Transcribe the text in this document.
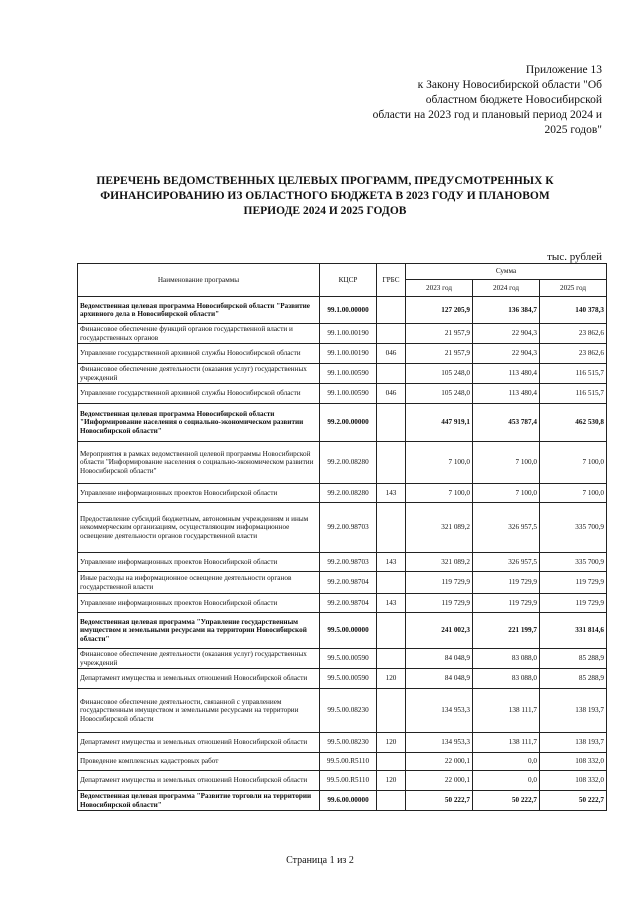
Приложение 13
к Закону Новосибирской области "Об
областном бюджете Новосибирской
области на 2023 год и плановый период 2024 и
2025 годов"
ПЕРЕЧЕНЬ ВЕДОМСТВЕННЫХ ЦЕЛЕВЫХ ПРОГРАММ, ПРЕДУСМОТРЕННЫХ К
ФИНАНСИРОВАНИЮ ИЗ ОБЛАСТНОГО БЮДЖЕТА В 2023 ГОДУ И ПЛАНОВОМ
ПЕРИОДЕ 2024 И 2025 ГОДОВ
тыс. рублей
Наименование программы	КЦСР	ГРБС	Сумма		
			2023 год	2024 год	2025 год
Ведомственная целевая программа Новосибирской области "Развитие архивного дела в Новосибирской области"	99.1.00.00000		127 205,9	136 384,7	140 378,3
Финансовое обеспечение функций органов государственной власти и государственных органов	99.1.00.00190		21 957,9	22 904,3	23 862,6
Управление государственной архивной службы Новосибирской области	99.1.00.00190	046	21 957,9	22 904,3	23 862,6
Финансовое обеспечение деятельности (оказания услуг) государственных учреждений	99.1.00.00590		105 248,0	113 480,4	116 515,7
Управление государственной архивной службы Новосибирской области	99.1.00.00590	046	105 248,0	113 480,4	116 515,7
Ведомственная целевая программа Новосибирской области "Информирование населения о социально-экономическом развитии Новосибирской области"	99.2.00.00000		447 919,1	453 787,4	462 530,8
Мероприятия в рамках ведомственной целевой программы Новосибирской области "Информирование населения о социально-экономическом развитии Новосибирской области"	99.2.00.08280		7 100,0	7 100,0	7 100,0
Управление информационных проектов Новосибирской области	99.2.00.08280	143	7 100,0	7 100,0	7 100,0
Предоставление субсидий бюджетным, автономным учреждениям и иным некоммерческим организациям, осуществляющим информационное освещение деятельности органов государственной власти	99.2.00.98703		321 089,2	326 957,5	335 700,9
Управление информационных проектов Новосибирской области	99.2.00.98703	143	321 089,2	326 957,5	335 700,9
Иные расходы на информационное освещение деятельности органов государственной власти	99.2.00.98704		119 729,9	119 729,9	119 729,9
Управление информационных проектов Новосибирской области	99.2.00.98704	143	119 729,9	119 729,9	119 729,9
Ведомственная целевая программа "Управление государственным имуществом и земельными ресурсами на территории Новосибирской области"	99.5.00.00000		241 002,3	221 199,7	331 814,6
Финансовое обеспечение деятельности (оказания услуг) государственных учреждений	99.5.00.00590		84 048,9	83 088,0	85 288,9
Департамент имущества и земельных отношений Новосибирской области	99.5.00.00590	120	84 048,9	83 088,0	85 288,9
Финансовое обеспечение деятельности, связанной с управлением государственным имуществом и земельными ресурсами на территории Новосибирской области	99.5.00.08230		134 953,3	138 111,7	138 193,7
Департамент имущества и земельных отношений Новосибирской области	99.5.00.08230	120	134 953,3	138 111,7	138 193,7
Проведение комплексных кадастровых работ	99.5.00.R5110		22 000,1	0,0	108 332,0
Департамент имущества и земельных отношений Новосибирской области	99.5.00.R5110	120	22 000,1	0,0	108 332,0
Ведомственная целевая программа "Развитие торговли на территории Новосибирской области"	99.6.00.00000		50 222,7	50 222,7	50 222,7
Страница 1 из 2
